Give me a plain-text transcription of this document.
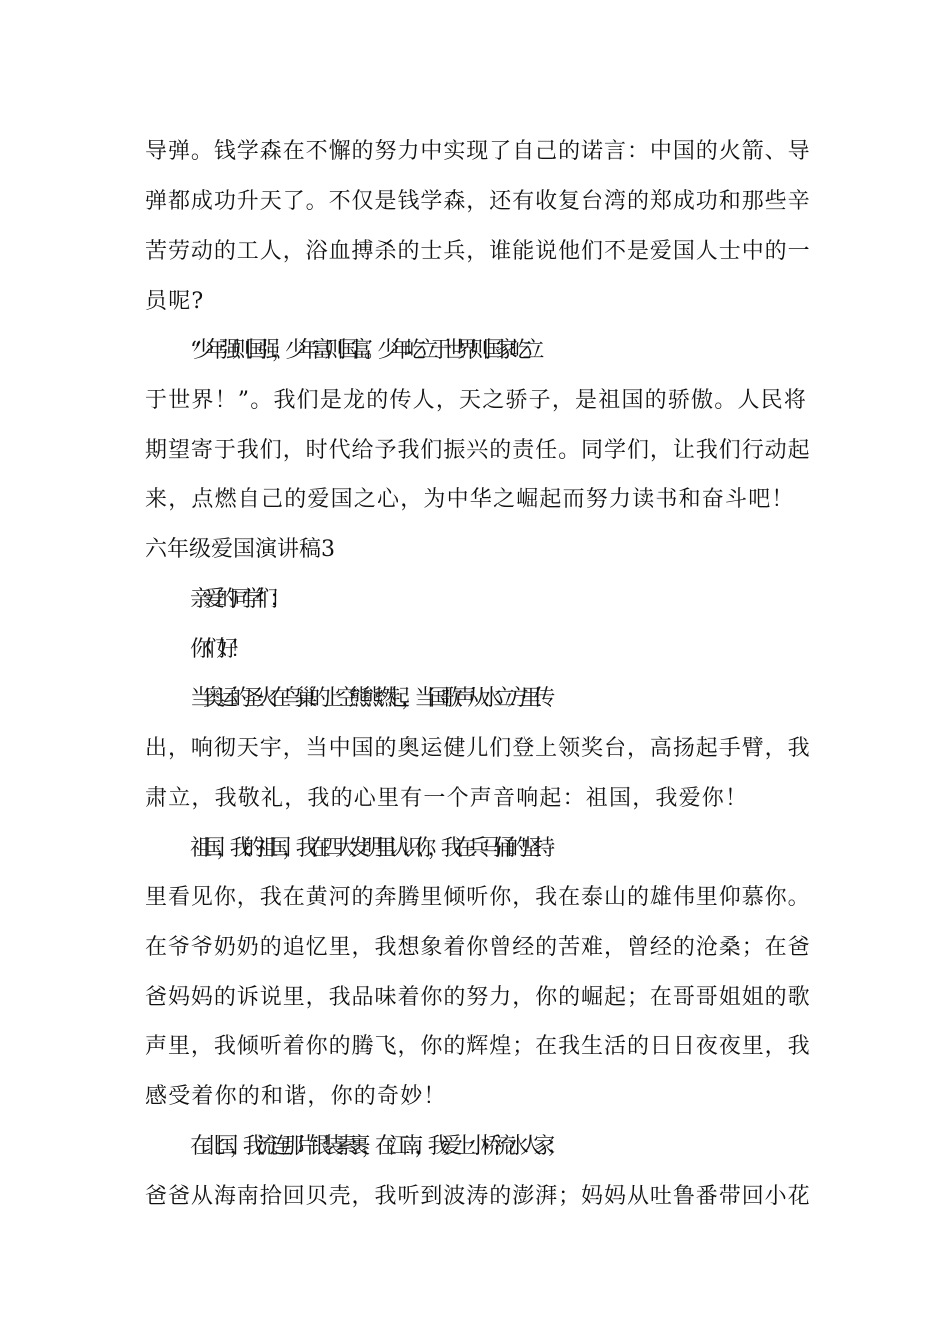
导弹。钱学森在不懈的努力中实现了自己的诺言：中国的火箭、导
弹都成功升天了。不仅是钱学森，还有收复台湾的郑成功和那些辛
苦劳动的工人，浴血搏杀的士兵，谁能说他们不是爱国人士中的一
员呢?
“少年强则国强，少年富则国富。少年屹立于世界则国家屹立
于世界！”。我们是龙的传人，天之骄子，是祖国的骄傲。人民将
期望寄于我们，时代给予我们振兴的责任。同学们，让我们行动起
来，点燃自己的爱国之心，为中华之崛起而努力读书和奋斗吧！
六年级爱国演讲稿3
亲爱的同学们：
你们好！
当奥运的圣火在鸟巢的上空熊熊燃起，当国歌声从水立方里传
出，响彻天宇，当中国的奥运健儿们登上领奖台，高扬起手臂，我
肃立，我敬礼，我的心里有一个声音响起：祖国，我爱你！
祖国，我的祖国，我在四大发明里认识你，我在兵马俑的坚持
里看见你，我在黄河的奔腾里倾听你，我在泰山的雄伟里仰慕你。
在爷爷奶奶的追忆里，我想象着你曾经的苦难，曾经的沧桑；在爸
爸妈妈的诉说里，我品味着你的努力，你的崛起；在哥哥姐姐的歌
声里，我倾听着你的腾飞，你的辉煌；在我生活的日日夜夜里，我
感受着你的和谐，你的奇妙！
在北国，我流连那片银装素裹，在江南，我爱上小桥流水人家；
爸爸从海南拾回贝壳，我听到波涛的澎湃；妈妈从吐鲁番带回小花
